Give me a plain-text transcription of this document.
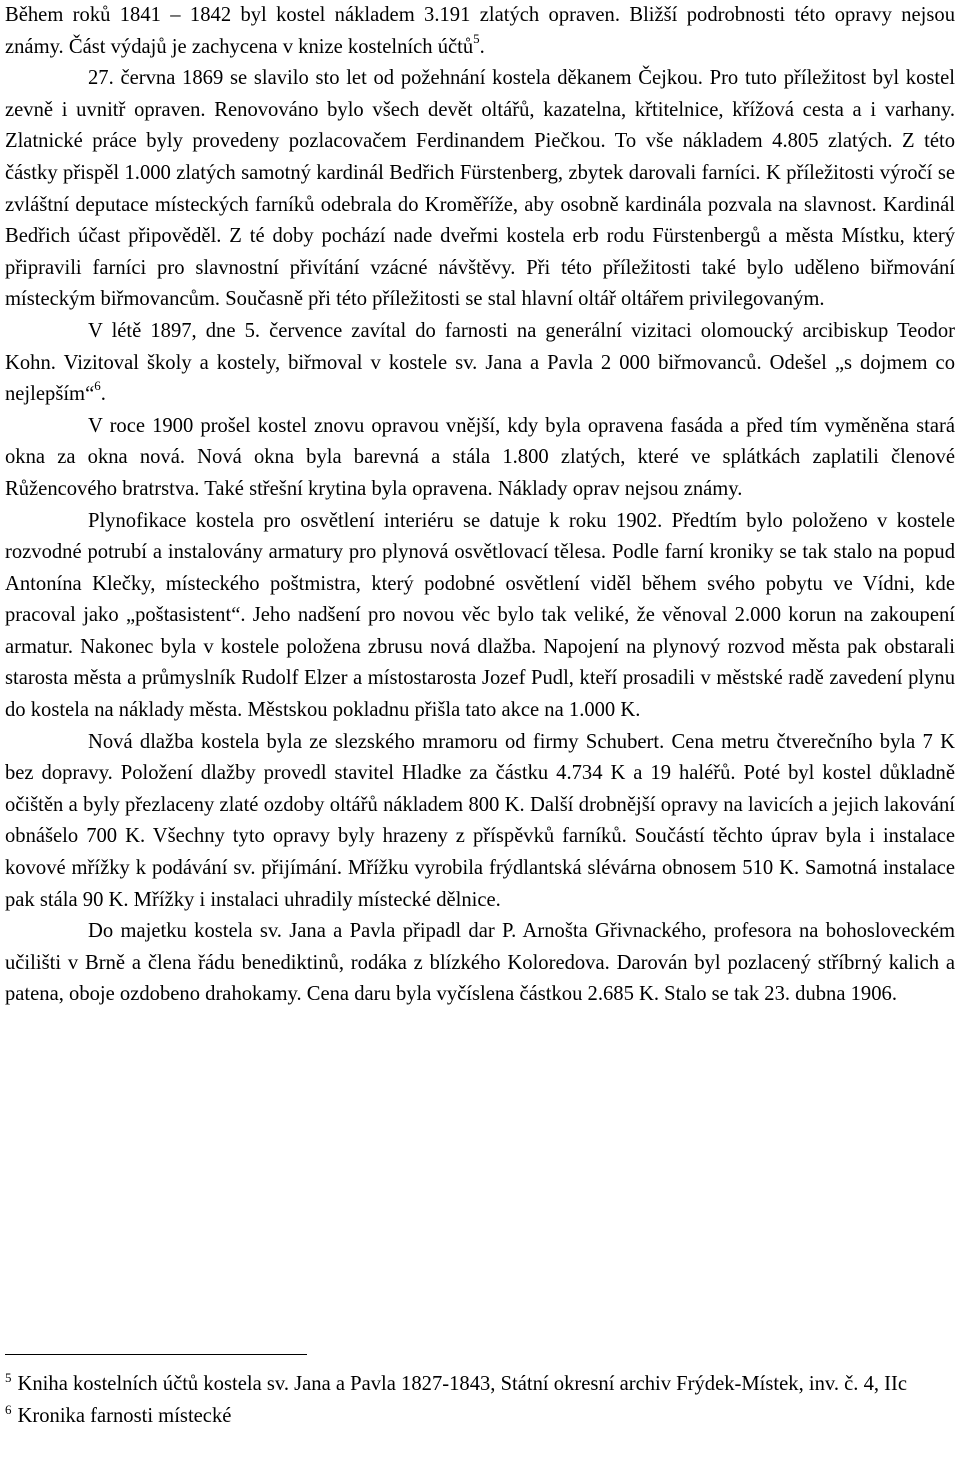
Během roků 1841 – 1842 byl kostel nákladem 3.191 zlatých opraven. Bližší podrobnosti této opravy nejsou známy. Část výdajů je zachycena v knize kostelních účtů$^5$.

27. června 1869 se slavilo sto let od požehnání kostela děkanem Čejkou. Pro tuto příležitost byl kostel zevně i uvnitř opraven. Renovováno bylo všech devět oltářů, kazatelna, křtitelnice, křížová cesta a i varhany. Zlatnické práce byly provedeny pozlacovačem Ferdinandem Piečkou. To vše nákladem 4.805 zlatých. Z této částky přispěl 1.000 zlatých samotný kardinál Bedřich Fürstenberg, zbytek darovali farníci. K příležitosti výročí se zvláštní deputace místeckých farníků odebrala do Kroměříže, aby osobně kardinála pozvala na slavnost. Kardinál Bedřich účast připověděl. Z té doby pochází nade dveřmi kostela erb rodu Fürstenbergů a města Místku, který připravili farníci pro slavnostní přivítání vzácné návštěvy. Při této příležitosti také bylo uděleno biřmování místeckým biřmovancům. Současně při této příležitosti se stal hlavní oltář oltářem privilegovaným.

V létě 1897, dne 5. července zavítal do farnosti na generální vizitaci olomoucký arcibiskup Teodor Kohn. Vizitoval školy a kostely, biřmoval v kostele sv. Jana a Pavla 2 000 biřmovanců. Odešel „s dojmem co nejlepším“$^6$.

V roce 1900 prošel kostel znovu opravou vnější, kdy byla opravena fasáda a před tím vyměněna stará okna za okna nová. Nová okna byla barevná a stála 1.800 zlatých, které ve splátkách zaplatili členové Růžencového bratrstva. Také střešní krytina byla opravena. Náklady oprav nejsou známy.

Plynofikace kostela pro osvětlení interiéru se datuje k roku 1902. Předtím bylo položeno v kostele rozvodné potrubí a instalovány armatury pro plynová osvětlovací tělesa. Podle farní kroniky se tak stalo na popud Antonína Klečky, místeckého poštmistra, který podobné osvětlení viděl během svého pobytu ve Vídni, kde pracoval jako „poštasistent“. Jeho nadšení pro novou věc bylo tak veliké, že věnoval 2.000 korun na zakoupení armatur. Nakonec byla v kostele položena zbrusu nová dlažba. Napojení na plynový rozvod města pak obstarali starosta města a průmyslník Rudolf Elzer a místostarosta Jozef Pudl, kteří prosadili v městské radě zavedení plynu do kostela na náklady města. Městskou pokladnu přišla tato akce na 1.000 K.

Nová dlažba kostela byla ze slezského mramoru od firmy Schubert. Cena metru čtverečního byla 7 K bez dopravy. Položení dlažby provedl stavitel Hladke za částku 4.734 K a 19 haléřů. Poté byl kostel důkladně očištěn a byly přezlaceny zlaté ozdoby oltářů nákladem 800 K. Další drobnější opravy na lavicích a jejich lakování obnášelo 700 K. Všechny tyto opravy byly hrazeny z příspěvků farníků. Součástí těchto úprav byla i instalace kovové mřížky k podávání sv. přijímání. Mřížku vyrobila frýdlantská slévárna obnosem 510 K. Samotná instalace pak stála 90 K. Mřížky i instalaci uhradily místecké dělnice.

Do majetku kostela sv. Jana a Pavla připadl dar P. Arnošta Gřivnackého, profesora na bohosloveckém učilišti v Brně a člena řádu benediktinů, rodáka z blízkého Koloredova. Darován byl pozlacený stříbrný kalich a patena, oboje ozdobeno drahokamy. Cena daru byla vyčíslena částkou 2.685 K. Stalo se tak 23. dubna 1906.

$^5$ Kniha kostelních účtů kostela sv. Jana a Pavla 1827-1843, Státní okresní archiv Frýdek-Místek, inv. č. 4, IIc

$^6$ Kronika farnosti místecké
